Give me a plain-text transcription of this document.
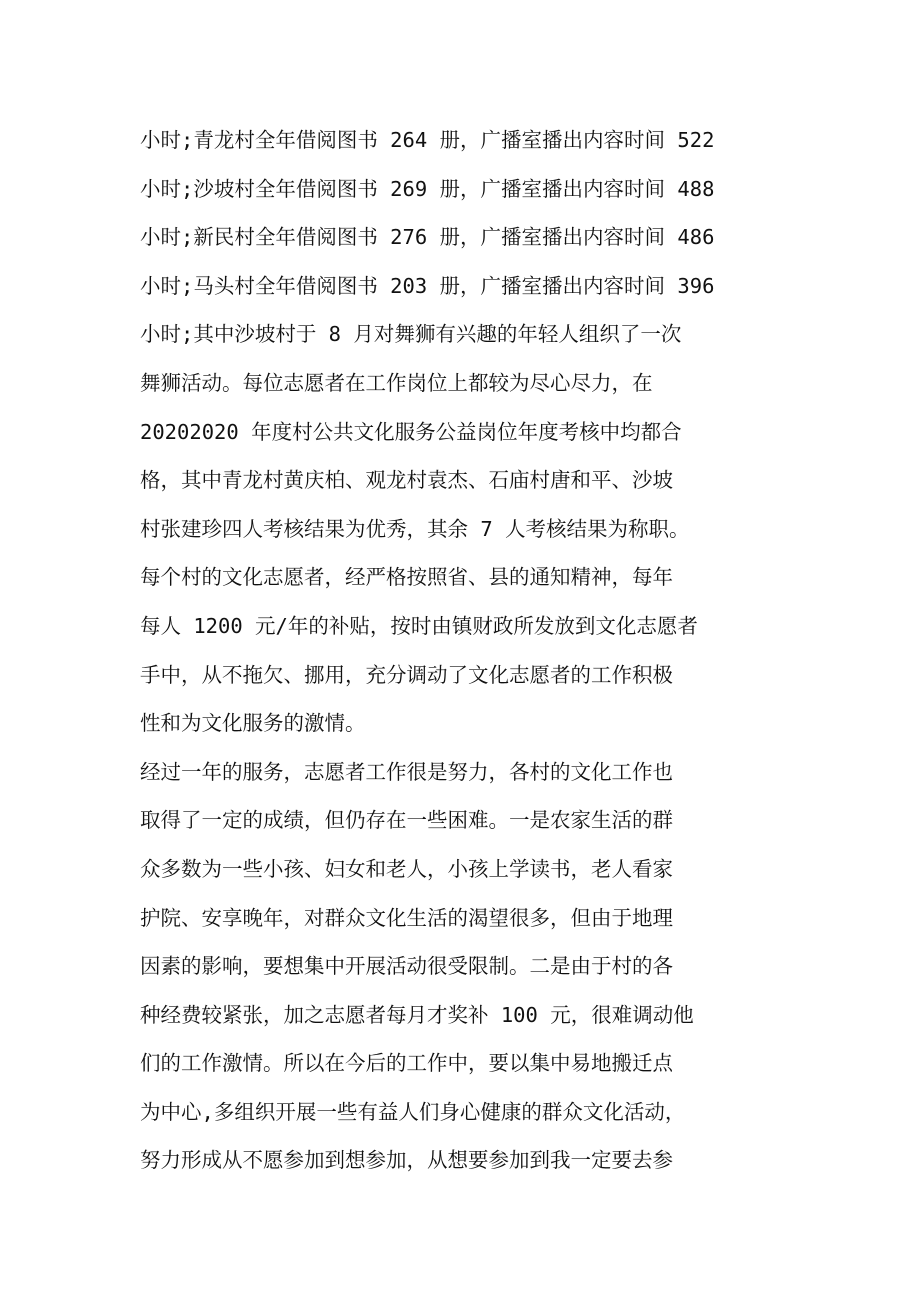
小时;青龙村全年借阅图书 264 册，广播室播出内容时间 522
小时;沙坡村全年借阅图书 269 册，广播室播出内容时间 488
小时;新民村全年借阅图书 276 册，广播室播出内容时间 486
小时;马头村全年借阅图书 203 册，广播室播出内容时间 396
小时;其中沙坡村于 8 月对舞狮有兴趣的年轻人组织了一次
舞狮活动。每位志愿者在工作岗位上都较为尽心尽力，在
20202020 年度村公共文化服务公益岗位年度考核中均都合
格，其中青龙村黄庆柏、观龙村袁杰、石庙村唐和平、沙坡
村张建珍四人考核结果为优秀，其余 7 人考核结果为称职。
每个村的文化志愿者，经严格按照省、县的通知精神，每年
每人 1200 元/年的补贴，按时由镇财政所发放到文化志愿者
手中，从不拖欠、挪用，充分调动了文化志愿者的工作积极
性和为文化服务的激情。
经过一年的服务，志愿者工作很是努力，各村的文化工作也
取得了一定的成绩，但仍存在一些困难。一是农家生活的群
众多数为一些小孩、妇女和老人，小孩上学读书，老人看家
护院、安享晚年，对群众文化生活的渴望很多，但由于地理
因素的影响，要想集中开展活动很受限制。二是由于村的各
种经费较紧张，加之志愿者每月才奖补 100 元，很难调动他
们的工作激情。所以在今后的工作中，要以集中易地搬迁点
为中心,多组织开展一些有益人们身心健康的群众文化活动，
努力形成从不愿参加到想参加，从想要参加到我一定要去参
